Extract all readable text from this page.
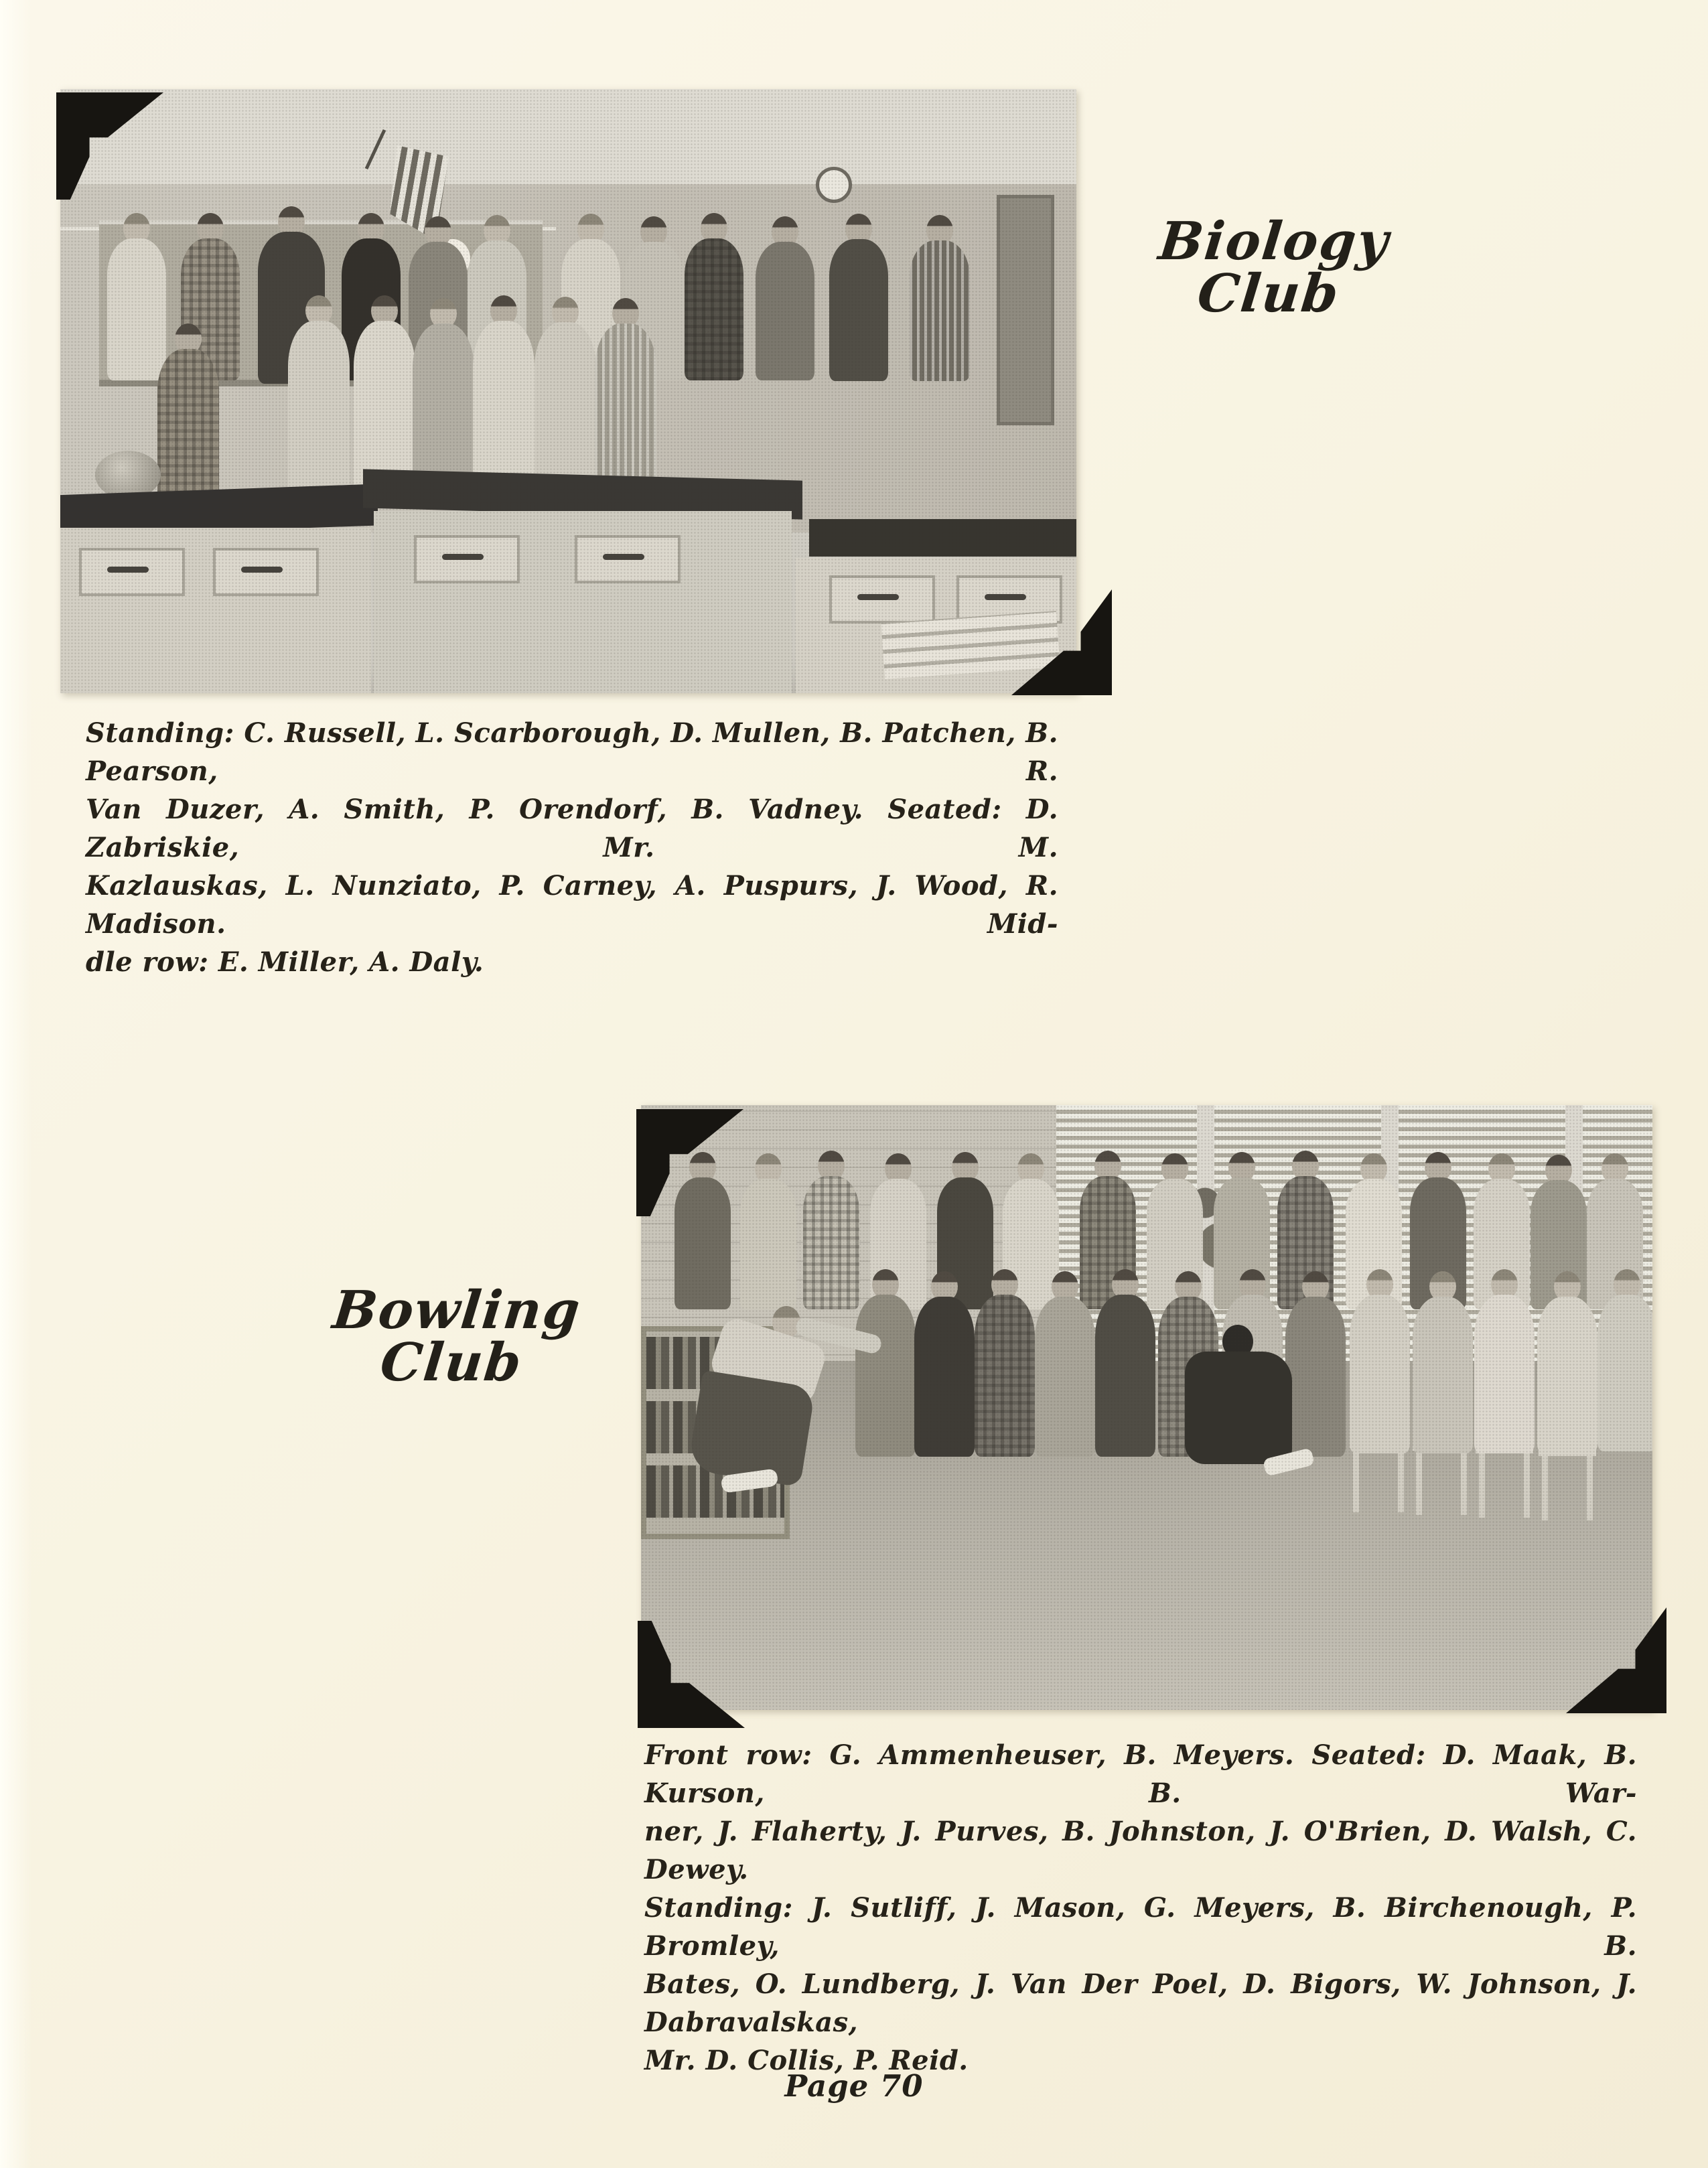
Biology Club
Bowling Club
Standing: C. Russell, L. Scarborough, D. Mullen, B. Patchen, B. Pearson, R.
Van Duzer, A. Smith, P. Orendorf, B. Vadney. Seated: D. Zabriskie, Mr. M.
Kazlauskas, L. Nunziato, P. Carney, A. Puspurs, J. Wood, R. Madison. Mid-
dle row: E. Miller, A. Daly.
Front row: G. Ammenheuser, B. Meyers. Seated: D. Maak, B. Kurson, B. War-
ner, J. Flaherty, J. Purves, B. Johnston, J. O'Brien, D. Walsh, C. Dewey.
Standing: J. Sutliff, J. Mason, G. Meyers, B. Birchenough, P. Bromley, B.
Bates, O. Lundberg, J. Van Der Poel, D. Bigors, W. Johnson, J. Dabravalskas,
Mr. D. Collis, P. Reid.
Page 70
